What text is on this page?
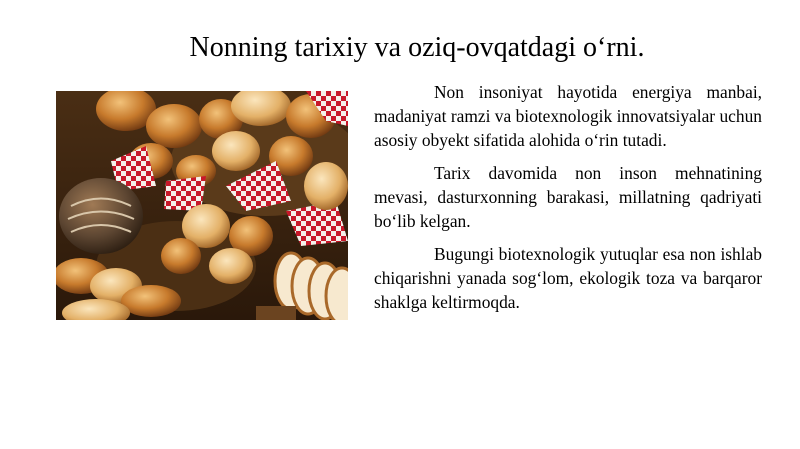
Nonning tarixiy va oziq-ovqatdagi o‘rni.

Non insoniyat hayotida energiya manbai, madaniyat ramzi va biotexnologik innovatsiyalar uchun asosiy obyekt sifatida alohida o‘rin tutadi.

Tarix davomida non inson mehnatining mevasi, dasturxonning barakasi, millatning qadriyati bo‘lib kelgan.

Bugungi biotexnologik yutuqlar esa non ishlab chiqarishni yanada sog‘lom, ekologik toza va barqaror shaklga keltirmoqda.
